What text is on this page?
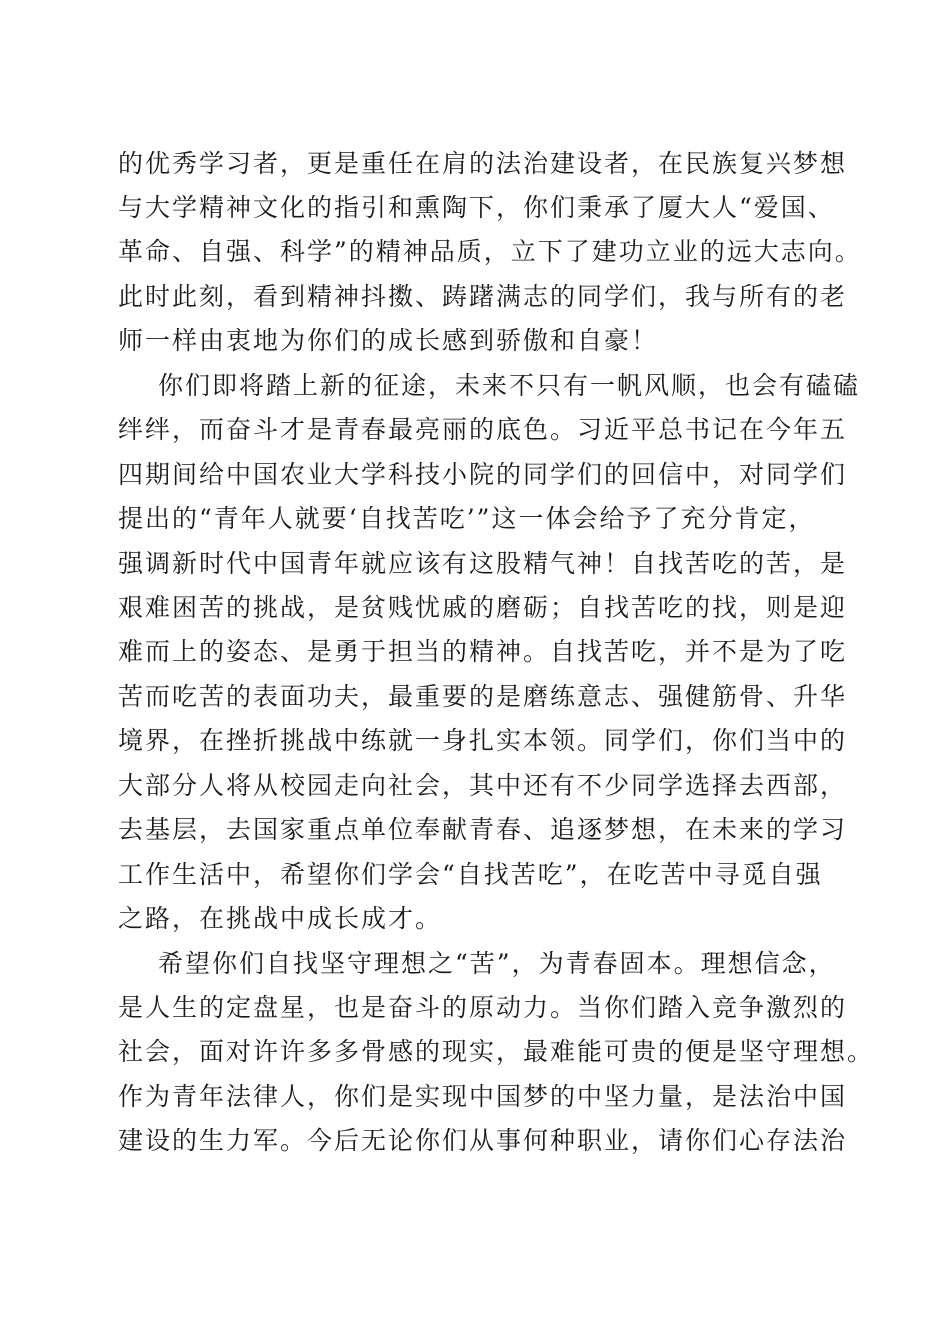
的优秀学习者，更是重任在肩的法治建设者，在民族复兴梦想
与大学精神文化的指引和熏陶下，你们秉承了厦大人“爱国、
革命、自强、科学”的精神品质，立下了建功立业的远大志向。
此时此刻，看到精神抖擞、踌躇满志的同学们，我与所有的老
师一样由衷地为你们的成长感到骄傲和自豪！
你们即将踏上新的征途，未来不只有一帆风顺，也会有磕磕
绊绊，而奋斗才是青春最亮丽的底色。习近平总书记在今年五
四期间给中国农业大学科技小院的同学们的回信中，对同学们
提出的“青年人就要‘自找苦吃’”这一体会给予了充分肯定，
强调新时代中国青年就应该有这股精气神！自找苦吃的苦，是
艰难困苦的挑战，是贫贱忧戚的磨砺；自找苦吃的找，则是迎
难而上的姿态、是勇于担当的精神。自找苦吃，并不是为了吃
苦而吃苦的表面功夫，最重要的是磨练意志、强健筋骨、升华
境界，在挫折挑战中练就一身扎实本领。同学们，你们当中的
大部分人将从校园走向社会，其中还有不少同学选择去西部，
去基层，去国家重点单位奉献青春、追逐梦想，在未来的学习
工作生活中，希望你们学会“自找苦吃”，在吃苦中寻觅自强
之路，在挑战中成长成才。
希望你们自找坚守理想之“苦”，为青春固本。理想信念，
是人生的定盘星，也是奋斗的原动力。当你们踏入竞争激烈的
社会，面对许许多多骨感的现实，最难能可贵的便是坚守理想。
作为青年法律人，你们是实现中国梦的中坚力量，是法治中国
建设的生力军。今后无论你们从事何种职业，请你们心存法治
